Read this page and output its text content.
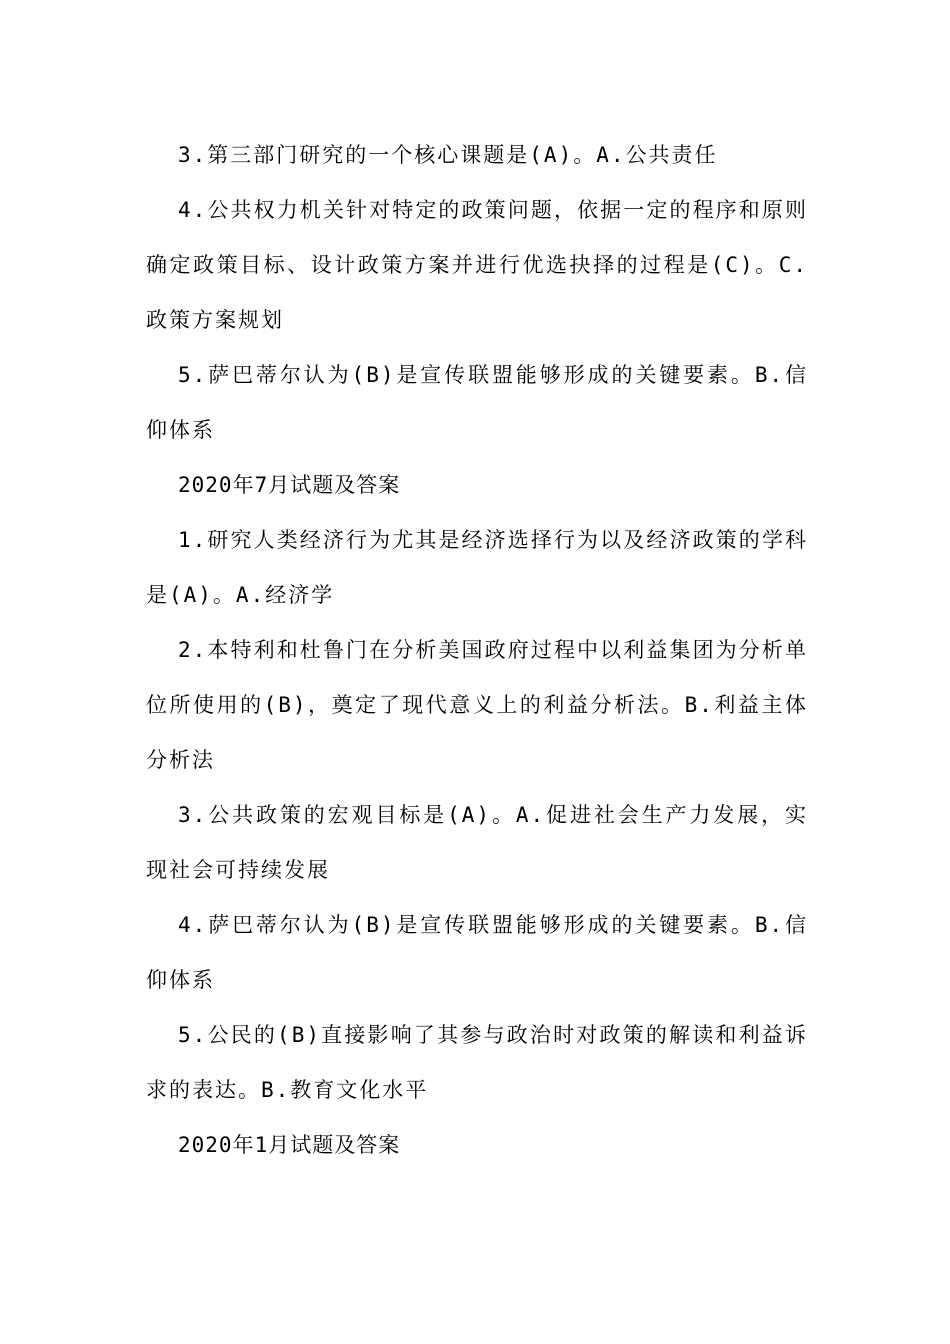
3.第三部门研究的一个核心课题是(A)。A.公共责任

4.公共权力机关针对特定的政策问题，依据一定的程序和原则确定政策目标、设计政策方案并进行优选抉择的过程是(C)。C.政策方案规划

5.萨巴蒂尔认为(B)是宣传联盟能够形成的关键要素。B.信仰体系

2020年7月试题及答案

1.研究人类经济行为尤其是经济选择行为以及经济政策的学科是(A)。A.经济学

2.本特利和杜鲁门在分析美国政府过程中以利益集团为分析单位所使用的(B)，奠定了现代意义上的利益分析法。B.利益主体分析法

3.公共政策的宏观目标是(A)。A.促进社会生产力发展，实现社会可持续发展

4.萨巴蒂尔认为(B)是宣传联盟能够形成的关键要素。B.信仰体系

5.公民的(B)直接影响了其参与政治时对政策的解读和利益诉求的表达。B.教育文化水平

2020年1月试题及答案
